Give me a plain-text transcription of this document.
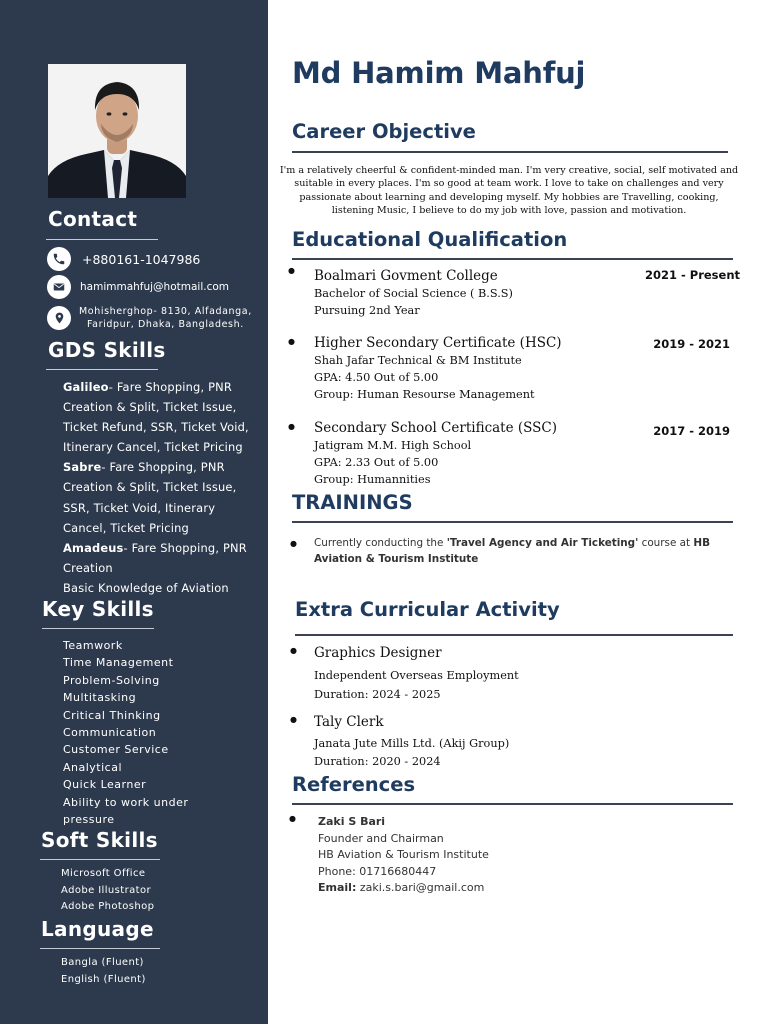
Contact
+880161-1047986
hamimmahfuj@hotmail.com
Mohisherghop- 8130, Alfadanga,
Faridpur, Dhaka, Bangladesh.
GDS Skills
Galileo- Fare Shopping, PNR
Creation & Split, Ticket Issue,
Ticket Refund, SSR, Ticket Void,
Itinerary Cancel, Ticket Pricing
Sabre- Fare Shopping, PNR
Creation & Split, Ticket Issue,
SSR, Ticket Void, Itinerary
Cancel, Ticket Pricing
Amadeus- Fare Shopping, PNR
Creation
Basic Knowledge of Aviation
Key Skills
Teamwork
Time Management
Problem-Solving
Multitasking
Critical Thinking
Communication
Customer Service
Analytical
Quick Learner
Ability to work under
pressure
Soft Skills
Microsoft Office
Adobe Illustrator
Adobe Photoshop
Language
Bangla (Fluent)
English (Fluent)
Md Hamim Mahfuj
Career Objective
I'm a relatively cheerful & confident-minded man. I'm very creative, social, self motivated and
suitable in every places. I'm so good at team work. I love to take on challenges and very
passionate about learning and developing myself. My hobbies are Travelling, cooking,
listening Music, I believe to do my job with love, passion and motivation.
Educational Qualification
● Boalmari Govment College	2021 - Present
Bachelor of Social Science ( B.S.S)
Pursuing 2nd Year
● Higher Secondary Certificate (HSC)	2019 - 2021
Shah Jafar Technical & BM Institute
GPA: 4.50 Out of 5.00
Group: Human Resourse Management
● Secondary School Certificate (SSC)	2017 - 2019
Jatigram M.M. High School
GPA: 2.33 Out of 5.00
Group: Humannities
TRAININGS
● Currently conducting the 'Travel Agency and Air Ticketing' course at HB
Aviation & Tourism Institute
Extra Curricular Activity
● Graphics Designer
Independent Overseas Employment
Duration: 2024 - 2025
● Taly Clerk
Janata Jute Mills Ltd. (Akij Group)
Duration: 2020 - 2024
References
● Zaki S Bari
Founder and Chairman
HB Aviation & Tourism Institute
Phone: 01716680447
Email: zaki.s.bari@gmail.com
